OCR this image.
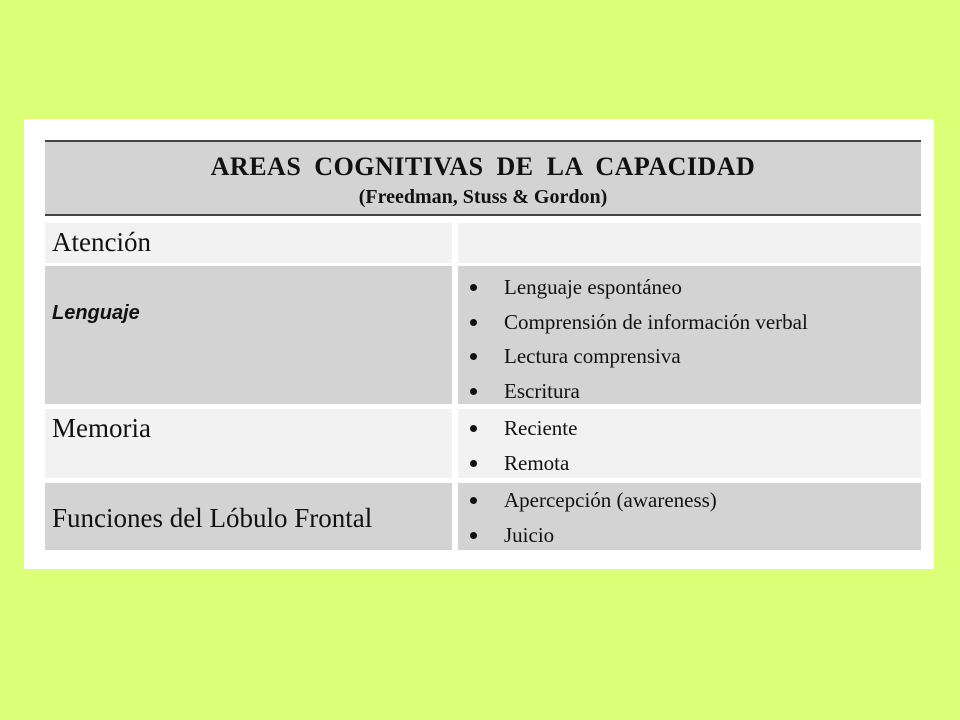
AREAS COGNITIVAS DE LA CAPACIDAD
(Freedman, Stuss & Gordon)
Atención
Lenguaje
Lenguaje espontáneo
Comprensión de información verbal
Lectura comprensiva
Escritura
Memoria	Reciente
Remota
Funciones del Lóbulo Frontal
Apercepción (awareness)
Juicio
